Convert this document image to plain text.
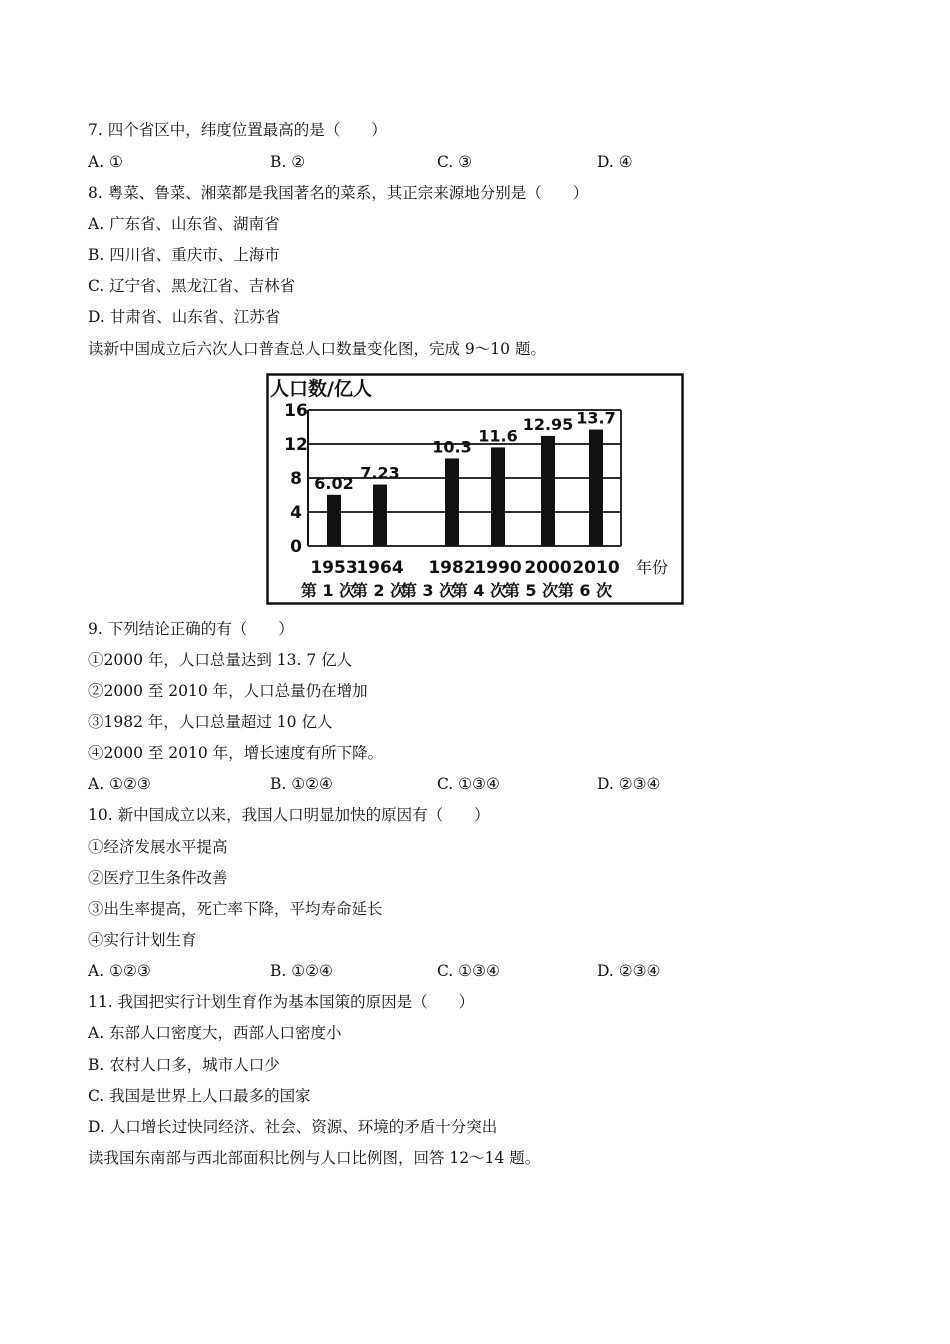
7. 四个省区中，纬度位置最高的是（　　）
A. ①	B. ②	C. ③	D. ④
8. 粤菜、鲁菜、湘菜都是我国著名的菜系，其正宗来源地分别是（　　）
A. 广东省、山东省、湖南省
B. 四川省、重庆市、上海市
C. 辽宁省、黑龙江省、吉林省
D. 甘肃省、山东省、江苏省
读新中国成立后六次人口普查总人口数量变化图，完成 9～10 题。
人口数/亿人
0
4
8
12
16
6.02
7.23
10.3
11.6
12.95 13.7
1953
1964 1982
1990 2000 2010
第 1 次
第 2 次
第 3 次
第 4 次
第 5 次 第 6 次
年份
9. 下列结论正确的有（　　）
①2000 年，人口总量达到 13. 7 亿人
②2000 至 2010 年，人口总量仍在增加
③1982 年，人口总量超过 10 亿人
④2000 至 2010 年，增长速度有所下降。
A. ①②③	B. ①②④	C. ①③④	D. ②③④
10. 新中国成立以来，我国人口明显加快的原因有（　　）
①经济发展水平提高
②医疗卫生条件改善
③出生率提高，死亡率下降，平均寿命延长
④实行计划生育
A. ①②③	B. ①②④	C. ①③④	D. ②③④
11. 我国把实行计划生育作为基本国策的原因是（　　）
A. 东部人口密度大，西部人口密度小
B. 农村人口多，城市人口少
C. 我国是世界上人口最多的国家
D. 人口增长过快同经济、社会、资源、环境的矛盾十分突出
读我国东南部与西北部面积比例与人口比例图，回答 12～14 题。
